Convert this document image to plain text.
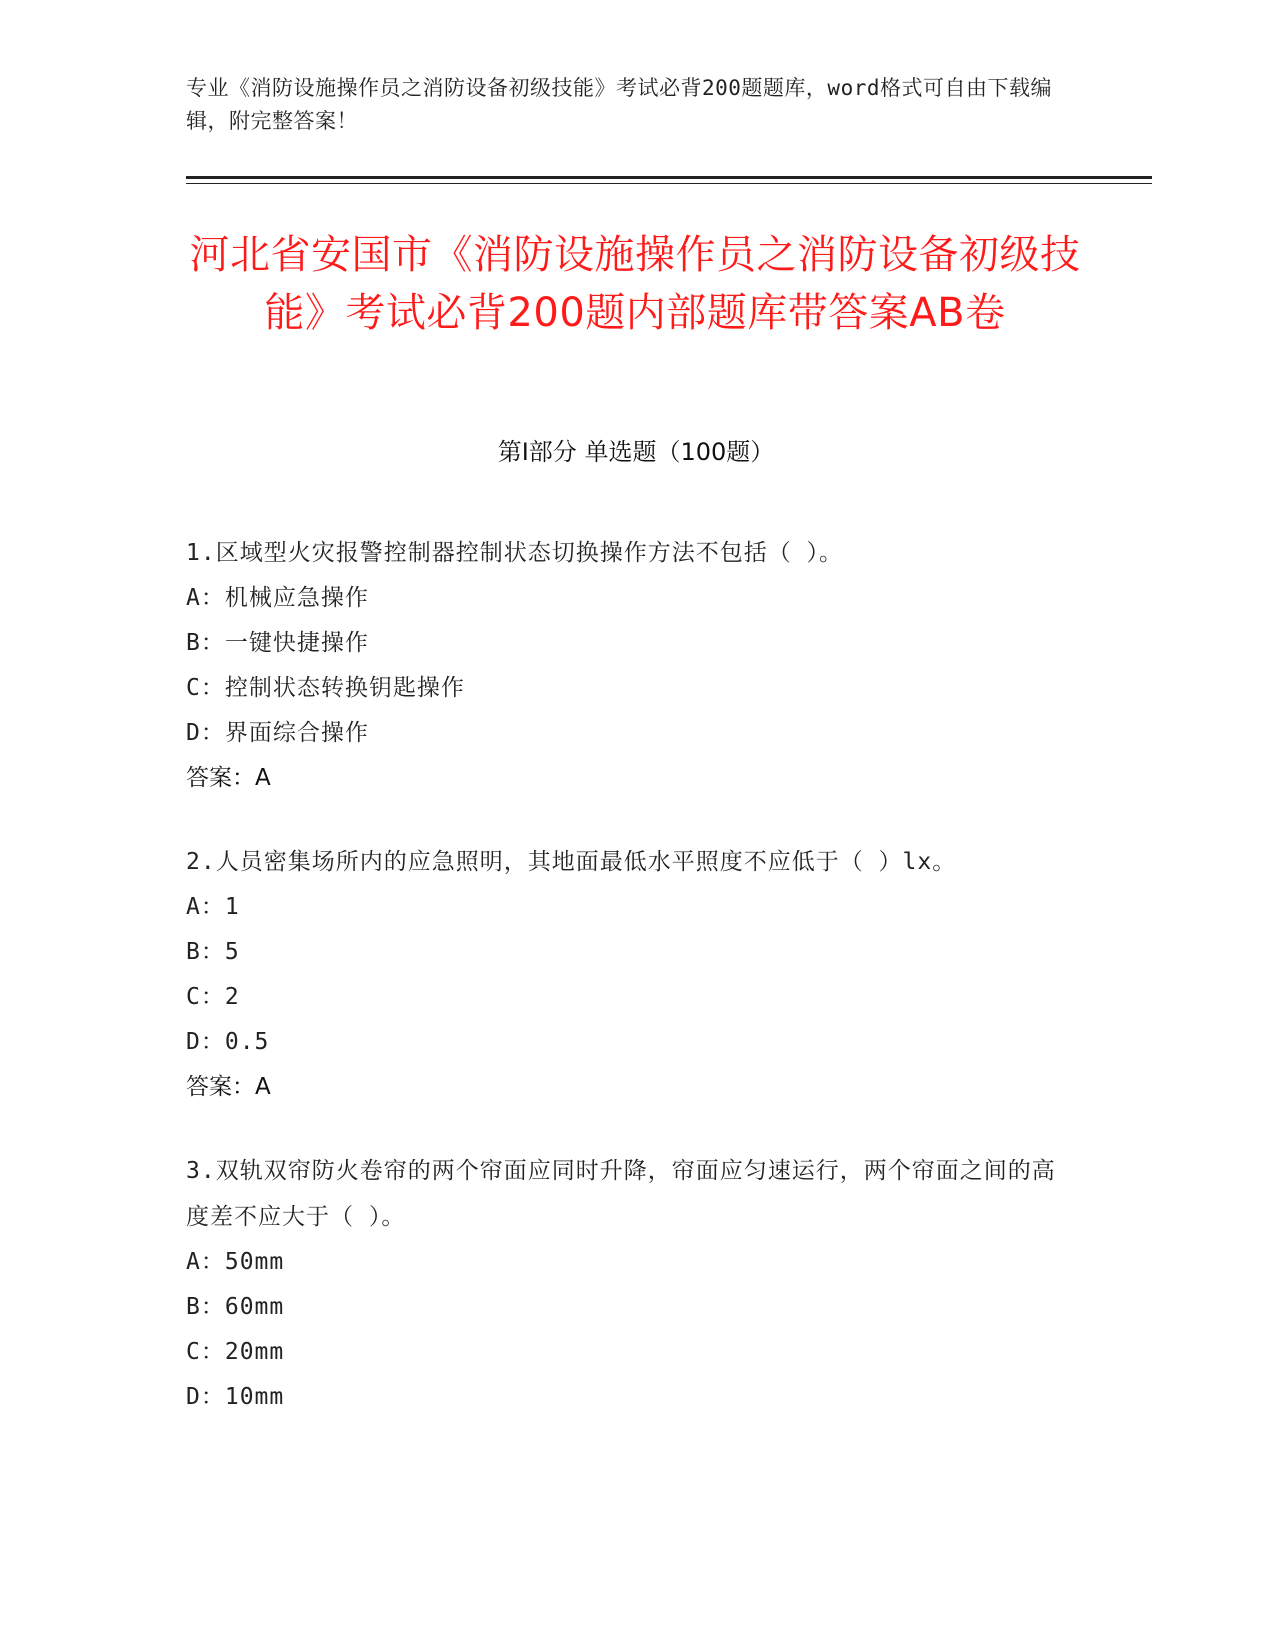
专业《消防设施操作员之消防设备初级技能》考试必背200题题库，word格式可自由下载编辑，附完整答案！
河北省安国市《消防设施操作员之消防设备初级技能》考试必背200题内部题库带答案AB卷
第I部分 单选题（100题）
1.区域型火灾报警控制器控制状态切换操作方法不包括（ ）。
A：机械应急操作
B：一键快捷操作
C：控制状态转换钥匙操作
D：界面综合操作
答案：A
2.人员密集场所内的应急照明，其地面最低水平照度不应低于（ ）lx。
A：1
B：5
C：2
D：0.5
答案：A
3.双轨双帘防火卷帘的两个帘面应同时升降，帘面应匀速运行，两个帘面之间的高度差不应大于（ ）。
A：50mm
B：60mm
C：20mm
D：10mm
